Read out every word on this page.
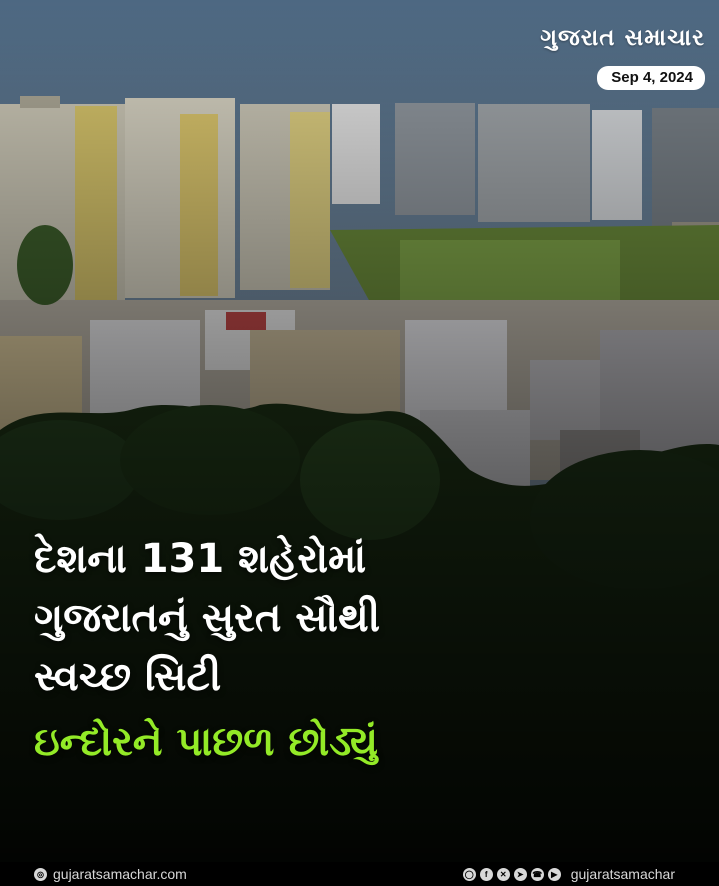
ગુજરાત સમાચાર
Sep 4, 2024
દેશના 131 શહેરોમાં
ગુજરાતનું સુરત સૌથી
સ્વચ્છ સિટી
ઇન્દોરને પાછળ છોડ્યું
◎ gujaratsamachar.com	◯	f	✕	➤	☎	▶ gujaratsamachar
